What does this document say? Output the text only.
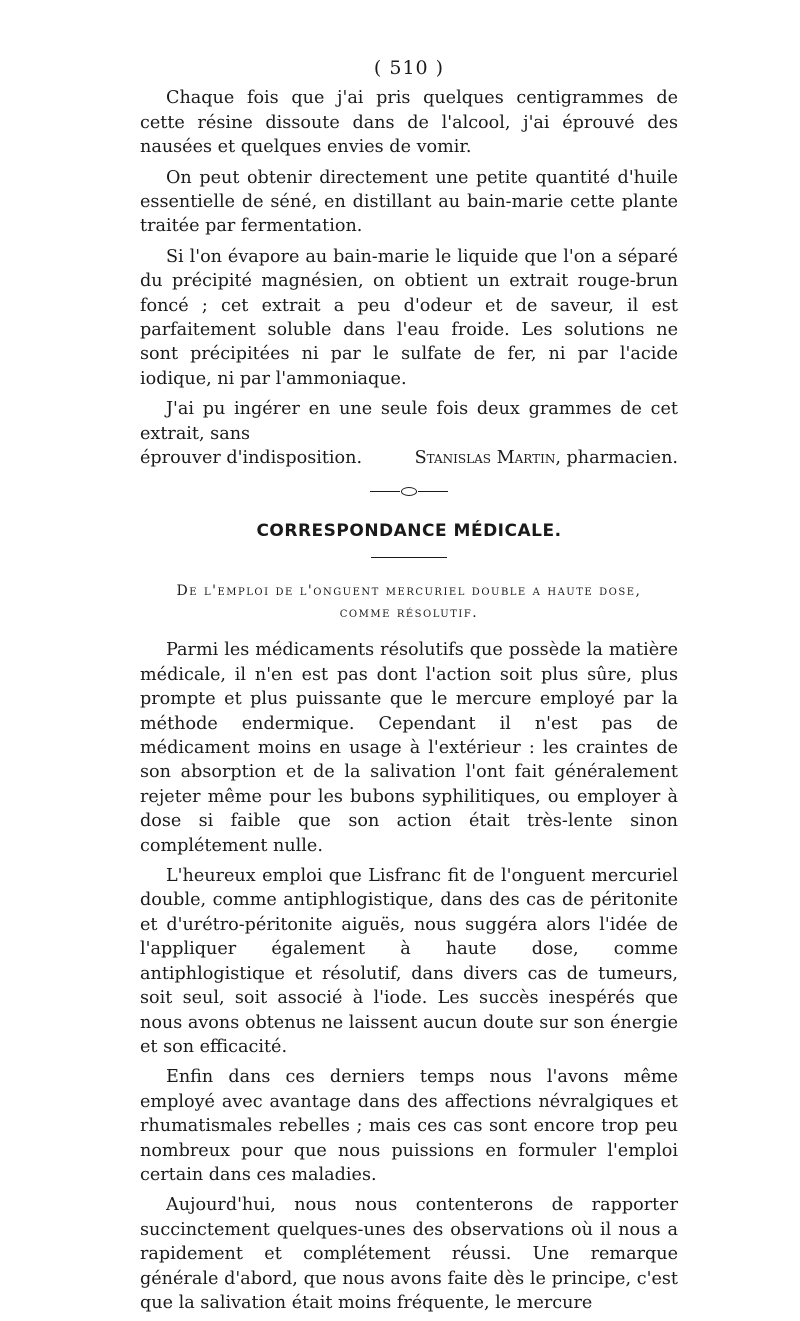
( 510 )

Chaque fois que j'ai pris quelques centigrammes de cette résine dissoute dans de l'alcool, j'ai éprouvé des nausées et quelques envies de vomir.

On peut obtenir directement une petite quantité d'huile essentielle de séné, en distillant au bain-marie cette plante traitée par fermentation.

Si l'on évapore au bain-marie le liquide que l'on a séparé du précipité magnésien, on obtient un extrait rouge-brun foncé ; cet extrait a peu d'odeur et de saveur, il est parfaitement soluble dans l'eau froide. Les solutions ne sont précipitées ni par le sulfate de fer, ni par l'acide iodique, ni par l'ammoniaque.

J'ai pu ingérer en une seule fois deux grammes de cet extrait, sans

éprouver d'indisposition.	Stanislas Martin, pharmacien.
CORRESPONDANCE MÉDICALE.
De l'emploi de l'onguent mercuriel double a haute dose,
comme résolutif.

Parmi les médicaments résolutifs que possède la matière médicale, il n'en est pas dont l'action soit plus sûre, plus prompte et plus puissante que le mercure employé par la méthode endermique. Cependant il n'est pas de médicament moins en usage à l'extérieur : les craintes de son absorption et de la salivation l'ont fait généralement rejeter même pour les bubons syphilitiques, ou employer à dose si faible que son action était très-lente sinon complétement nulle.

L'heureux emploi que Lisfranc fit de l'onguent mercuriel double, comme antiphlogistique, dans des cas de péritonite et d'urétro-péritonite aiguës, nous suggéra alors l'idée de l'appliquer également à haute dose, comme antiphlogistique et résolutif, dans divers cas de tumeurs, soit seul, soit associé à l'iode. Les succès inespérés que nous avons obtenus ne laissent aucun doute sur son énergie et son efficacité.

Enfin dans ces derniers temps nous l'avons même employé avec avantage dans des affections névralgiques et rhumatismales rebelles ; mais ces cas sont encore trop peu nombreux pour que nous puissions en formuler l'emploi certain dans ces maladies.

Aujourd'hui, nous nous contenterons de rapporter succinctement quelques-unes des observations où il nous a rapidement et complétement réussi. Une remarque générale d'abord, que nous avons faite dès le principe, c'est que la salivation était moins fréquente, le mercure
